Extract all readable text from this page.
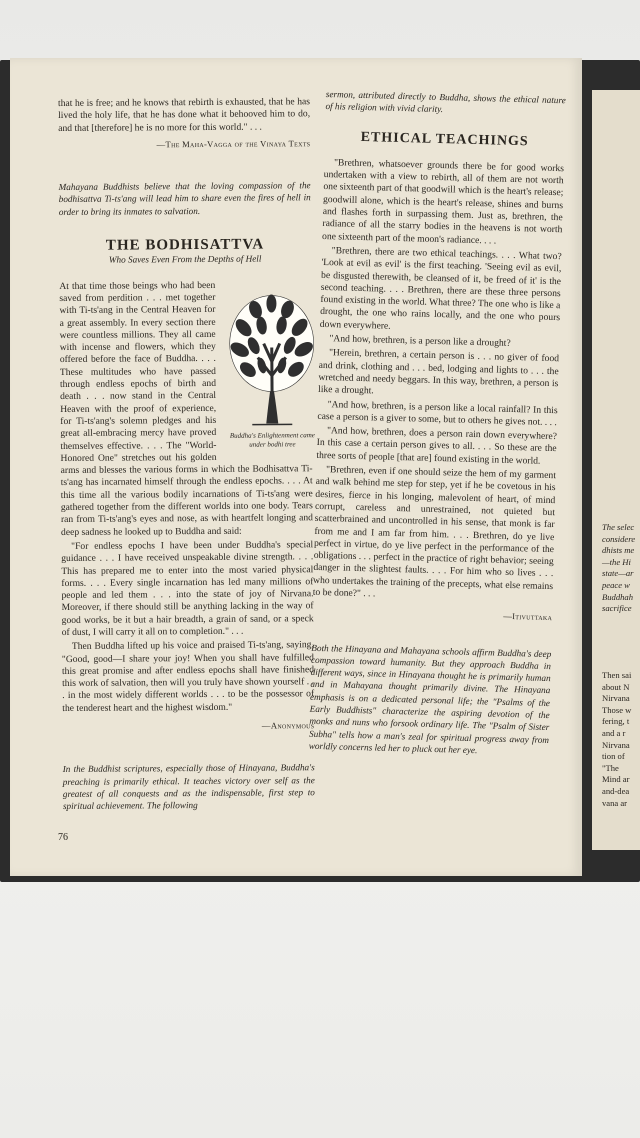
that he is free; and he knows that rebirth is exhausted, that he has lived the holy life, that he has done what it behooved him to do, and that [therefore] he is no more for this world." . . .

—The Maha-Vagga of the Vinaya Texts

Mahayana Buddhists believe that the loving compassion of the bodhisattva Ti-ts'ang will lead him to share even the fires of hell in order to bring its inmates to salvation.

THE BODHISATTVA
Who Saves Even From the Depths of Hell
Buddha's Enlightenment came under bodhi tree

At that time those beings who had been saved from perdition . . . met together with Ti-ts'ang in the Central Heaven for a great assembly. In every section there were countless millions. They all came with incense and flowers, which they offered before the face of Buddha. . . . These multitudes who have passed through endless epochs of birth and death . . . now stand in the Central Heaven with the proof of experience, for Ti-ts'ang's solemn pledges and his great all-embracing mercy have proved themselves effective. . . . The "World-Honored One" stretches out his golden arms and blesses the various forms in which the Bodhisattva Ti-ts'ang has incarnated himself through the endless epochs. . . . At this time all the various bodily incarnations of Ti-ts'ang were gathered together from the different worlds into one body. Tears ran from Ti-ts'ang's eyes and nose, as with heartfelt longing and deep sadness he looked up to Buddha and said:

"For endless epochs I have been under Buddha's special guidance . . . I have received unspeakable divine strength. . . . This has prepared me to enter into the most varied physical forms. . . . Every single incarnation has led many millions of people and led them . . . into the state of joy of Nirvana. Moreover, if there should still be anything lacking in the way of good works, be it but a hair breadth, a grain of sand, or a speck of dust, I will carry it all on to completion." . . .

Then Buddha lifted up his voice and praised Ti-ts'ang, saying, "Good, good—I share your joy! When you shall have fulfilled this great promise and after endless epochs shall have finished this work of salvation, then will you truly have shown yourself . . . in the most widely different worlds . . . to be the possessor of the tenderest heart and the highest wisdom."

—Anonymous

In the Buddhist scriptures, especially those of Hinayana, Buddha's preaching is primarily ethical. It teaches victory over self as the greatest of all conquests and as the indispensable, first step to spiritual achievement. The following

sermon, attributed directly to Buddha, shows the ethical nature of his religion with vivid clarity.

ETHICAL TEACHINGS

"Brethren, whatsoever grounds there be for good works undertaken with a view to rebirth, all of them are not worth one sixteenth part of that goodwill which is the heart's release; goodwill alone, which is the heart's release, shines and burns and flashes forth in surpassing them. Just as, brethren, the radiance of all the starry bodies in the heavens is not worth one sixteenth part of the moon's radiance. . . .

"Brethren, there are two ethical teachings. . . . What two? 'Look at evil as evil' is the first teaching. 'Seeing evil as evil, be disgusted therewith, be cleansed of it, be freed of it' is the second teaching. . . . Brethren, there are these three persons found existing in the world. What three? The one who is like a drought, the one who rains locally, and the one who pours down everywhere.

"And how, brethren, is a person like a drought?

"Herein, brethren, a certain person is . . . no giver of food and drink, clothing and . . . bed, lodging and lights to . . . the wretched and needy beggars. In this way, brethren, a person is like a drought.

"And how, brethren, is a person like a local rainfall? In this case a person is a giver to some, but to others he gives not. . . .

"And how, brethren, does a person rain down everywhere? In this case a certain person gives to all. . . . So these are the three sorts of people [that are] found existing in the world.

"Brethren, even if one should seize the hem of my garment and walk behind me step for step, yet if he be covetous in his desires, fierce in his longing, malevolent of heart, of mind corrupt, careless and unrestrained, not quieted but scatterbrained and uncontrolled in his sense, that monk is far from me and I am far from him. . . . Brethren, do ye live perfect in virtue, do ye live perfect in the performance of the obligations . . . perfect in the practice of right behavior; seeing danger in the slightest faults. . . . For him who so lives . . . who undertakes the training of the precepts, what else remains to be done?" . . .

—Itivuttaka

Both the Hinayana and Mahayana schools affirm Buddha's deep compassion toward humanity. But they approach Buddha in different ways, since in Hinayana thought he is primarily human and in Mahayana thought primarily divine. The Hinayana emphasis is on a dedicated personal life; the "Psalms of the Early Buddhists" characterize the aspiring devotion of the monks and nuns who forsook ordinary life. The "Psalm of Sister Subha" tells how a man's zeal for spiritual progress away from worldly concerns led her to pluck out her eye.

76
The selec
considere
dhists me
—the Hi
state—ar
peace w
Buddhah
sacrifice
Then sai
about N
Nirvana
Those w
fering, t
and a r
Nirvana
tion of
"The
Mind ar
and-dea
vana ar
